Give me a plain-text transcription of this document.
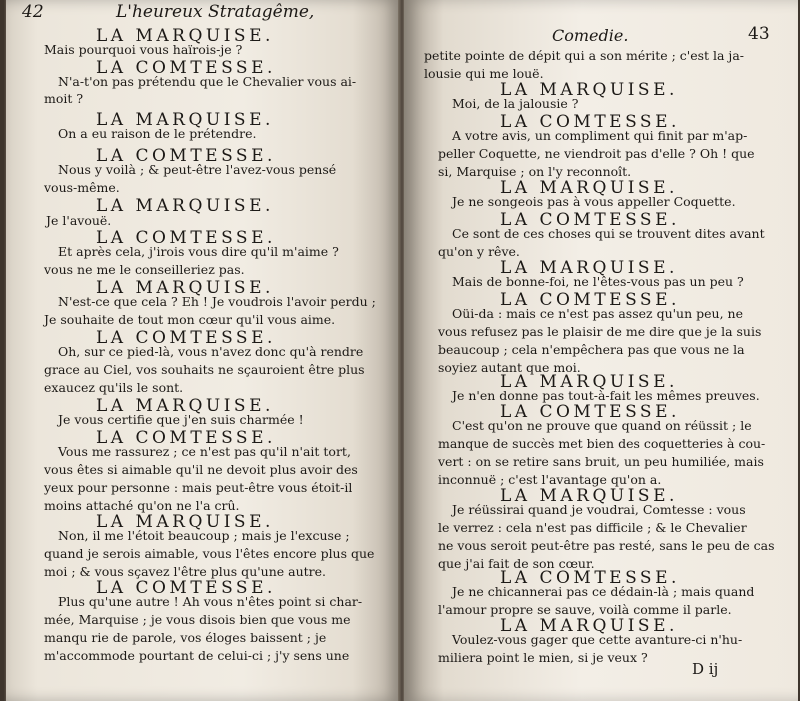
42	L'heureux Stratagême,
LA MARQUISE.
Mais pourquoi vous haïrois-je ?
LA COMTESSE.
N'a-t'on pas prétendu que le Chevalier vous ai-
moit ?
LA MARQUISE.
On a eu raison de le prétendre.
LA COMTESSE.
Nous y voilà ; & peut-être l'avez-vous pensé
vous-même.
LA MARQUISE.
Je l'avouë.
LA COMTESSE.
Et après cela, j'irois vous dire qu'il m'aime ?
vous ne me le conseilleriez pas.
LA MARQUISE.
N'est-ce que cela ? Eh ! Je voudrois l'avoir perdu ;
Je souhaite de tout mon cœur qu'il vous aime.
LA COMTESSE.
Oh, sur ce pied-là, vous n'avez donc qu'à rendre
grace au Ciel, vos souhaits ne sçauroient être plus
exaucez qu'ils le sont.
LA MARQUISE.
Je vous certifie que j'en suis charmée !
LA COMTESSE.
Vous me rassurez ; ce n'est pas qu'il n'ait tort,
vous êtes si aimable qu'il ne devoit plus avoir des
yeux pour personne : mais peut-être vous étoit-il
moins attaché qu'on ne l'a crû.
LA MARQUISE.
Non, il me l'étoit beaucoup ; mais je l'excuse ;
quand je serois aimable, vous l'êtes encore plus que
moi ; & vous sçavez l'être plus qu'une autre.
LA COMTESSE.
Plus qu'une autre ! Ah vous n'êtes point si char-
mée, Marquise ; je vous disois bien que vous me
manqu rie de parole, vos éloges baissent ; je
m'accommode pourtant de celui-ci ; j'y sens une
Comedie.	43
D ij
petite pointe de dépit qui a son mérite ; c'est la ja-
lousie qui me louë.
LA MARQUISE.
Moi, de la jalousie ?
LA COMTESSE.
A votre avis, un compliment qui finit par m'ap-
peller Coquette, ne viendroit pas d'elle ? Oh ! que
si, Marquise ; on l'y reconnoît.
LA MARQUISE.
Je ne songeois pas à vous appeller Coquette.
LA COMTESSE.
Ce sont de ces choses qui se trouvent dites avant
qu'on y rêve.
LA MARQUISE.
Mais de bonne-foi, ne l'êtes-vous pas un peu ?
LA COMTESSE.
Oüi-da : mais ce n'est pas assez qu'un peu, ne
vous refusez pas le plaisir de me dire que je la suis
beaucoup ; cela n'empêchera pas que vous ne la
soyiez autant que moi.
LA MARQUISE.
Je n'en donne pas tout-à-fait les mêmes preuves.
LA COMTESSE.
C'est qu'on ne prouve que quand on réüssit ; le
manque de succès met bien des coquetteries à cou-
vert : on se retire sans bruit, un peu humiliée, mais
inconnuë ; c'est l'avantage qu'on a.
LA MARQUISE.
Je réüssirai quand je voudrai, Comtesse : vous
le verrez : cela n'est pas difficile ; & le Chevalier
ne vous seroit peut-être pas resté, sans le peu de cas
que j'ai fait de son cœur.
LA COMTESSE.
Je ne chicannerai pas ce dédain-là ; mais quand
l'amour propre se sauve, voilà comme il parle.
LA MARQUISE.
Voulez-vous gager que cette avanture-ci n'hu-
miliera point le mien, si je veux ?
